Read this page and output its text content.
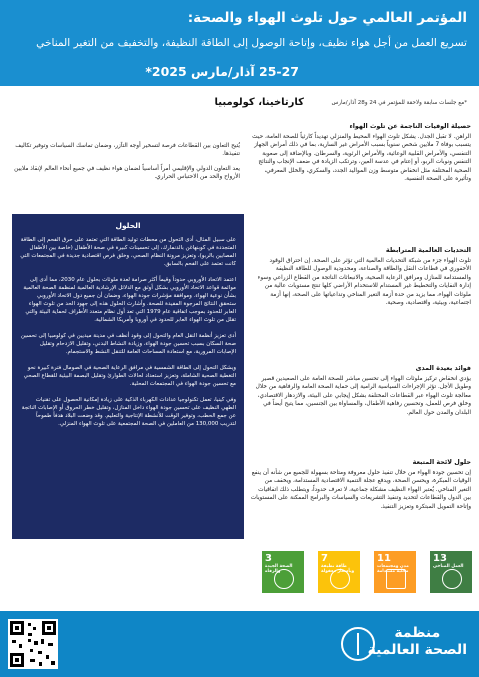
المؤتمر العالمي حول تلوث الهواء والصحة:
تسريع العمل من أجل هواء نظيف، وإتاحة الوصول إلى الطاقة النظيفة، والتخفيف من التغير المناخي
25-27 آذار/مارس 2025*
*مع جلسات سابقة ولاحقة للمؤتمر في 24 و28 آذار/مارس
كارتاخينا، كولومبيا

حصيلة الوفيات الناجمة عن تلوث الهواء

الراهن. لا تقبل الجدل. يشكل تلوث الهواء المحيط والمنزلي تهديداً كارثياً للصحة العامة، حيث يتسبب بوفاة 7 ملايين شخص سنوياً بسبب الأمراض غير السارية، بما في ذلك أمراض الجهاز التنفسي، والأمراض القلبية الوعائية، والأمراض الرئوية، والسرطان. وبالإضافة إلى صعوبة التنفس ونوبات الربو، أو إعتام في عدسة العين، وترتكب الزيادة في ضعف الإنجاب والنتائج الصحية المختلفة مثل انخفاض متوسط وزن المواليد الجدد، والسكري، والخلل المعرفي، وتأثيره على الصحة النفسية.

التحديات العالمية المترابطة

تلوث الهواء جزء من شبكة التحديات العالمية التي تؤثر على الصحة. إن احتراق الوقود الأحفوري في قطاعات النقل والطاقة والصناعة، ومحدودية الوصول للطاقة النظيفة والمستدامة للمنازل ومرافق الرعاية الصحية، والانبعاثات الناتجة من القطاع الزراعي وسوء إدارة النفايات والتخطيط غير المستدام للاستخدام الأراضي كلها تنتج مستويات عالية من ملوثات الهواء، مما يزيد من حدة أزمة التغير المناخي وتداعياتها على الصحة، إنها أزمة اجتماعية، وبيئية، واقتصادية، وصحية.

فوائد بعيدة المدى

يؤدي انخفاض تركيز ملوثات الهواء إلى تحسين مباشر للصحة العامة على الصعيدين قصير وطويل الأجل. تؤثر الإجراءات السياسية الرامية إلى حماية الصحة العامة والرفاهية من خلال معالجة تلوث الهواء عبر القطاعات المختلفة بشكل إيجابي على البيئة، والازدهار الاقتصادي، وخلق فرص للعمل، وتحسين رفاهية الأطفال، والمساواة بين الجنسين، مما يتيح أيضاً في البلدان والمدن حول العالم.

حلول لائحة المتبعة

إن تحسين جودة الهواء من خلال تنفيذ حلول معروفة ومتاحة بسهولة للجميع من شأنه أن ينفع الوقيات المبكرة، ويحسن الصحة، ويدفع عجلة التنمية الاقتصادية المستدامة، ويخفف من التغير المناخي. يُعتبر الهواء النظيف مشكلة جماعية، لا تعرف حدوداً، ويتطلب ذلك اتفاقيات بين الدول والقطاعات لتحديد وتنفيذ التشريعات والسياسات والبرامج الممكنة على المستويات وإتاحة التمويل المبتكرة وتعزيز التنفيذ.

يُتيح التعاون بين القطاعات فرصة لتسخير أوجه التآزر، وضمان تماسك السياسات وتوفير تكاليف تنفيذها.

يعد التعاون الدولي والإقليمي أمراً أساسياً لضمان هواء نظيف في جميع أنحاء العالم لإنقاذ ملايين الأرواح والحد من الاحتباس الحراري.

3
الصحة الجيدة والرفاه
7
طاقة نظيفة وبأسعار معقولة
11
مدن ومجتمعات محلية مستدامة
13
العمل المناخي
الحلول

على سبيل المثال، أدى التحول من محطات توليد الطاقة التي تعتمد على حرق الفحم إلى الطاقة المتجددة في كوبنهاغن بالدنمارك، إلى تحسينات كبيرة في صحة الأطفال (خاصة بين الأطفال المصابين بالربو)، وتعزيز مرونة النظام الصحي، وخلق فرص اقتصادية جديدة في المجتمعات التي كانت تعتمد على الفحم بالسابق.

اعتمد الاتحاد الأوروبي حدوداً وقيماً أكثر صرامة لعدة ملوثات بحلول عام 2030، مما أدى إلى موائمة قواعد الاتحاد الأوروبي بشكل أوثق مع الدلائل الإرشادية العالمية لمنظمة الصحة العالمية بشأن نوعية الهواء. وموافقة مؤشرات جودة الهواء، وضمان أن جميع دول الاتحاد الأوروبي ستحقق النتائج المرجوة المفيدة للصحة. وأشارت الحلول هذه إلى جهود الحد من تلوث الهواء العابر للحدود بموجب اتفاقية عام 1979 التي تعد أول نظام متعدد الأطراف لحماية البيئة والتي تقلل من تلوث الهواء العابر للحدود في أوروبا وأمريكا الشمالية.

أدى تعزيز أنظمة النقل العام والتحول إلى وقود أنظف في مدينة ميديين في كولومبيا إلى تحسين صحة السكان بسبب تحسين جودة الهواء، وزيادة النشاط البدني، وتقليل الازدحام وتقليل الإصابات المرورية، مع استعادة المساحات العامة للتنقل النشط والاستجمام.

ويشكل التحول إلى الطاقة الشمسية في مرافق الرعاية الصحية في الصومال فترة كبيرة نحو التغطية الصحية الشاملة، وتعزيز استعداد لحالات الطوارئ وتقليل البصمة البيئية للقطاع الصحي مع تحسين جودة الهواء في المجتمعات المحلية.

وفي كينيا، تعمل تكنولوجيا عدادات الكهرباء الذكية على زيادة إمكانية الحصول على تقنيات الطهي النظيف على تحسين جودة الهواء داخل المنازل، وتقليل خطر الحروق أو الإصابات الناتجة عن جمع الحطب، وتوفير الوقت للأنشطة الإنتاجية والتعليم. وقد وضعت البلاد هدفاً طموحاً لتدريب 130,000 من العاملين في الصحة المجتمعية على تلوث الهواء المنزلي.

منظمة
الصحة العالمية
